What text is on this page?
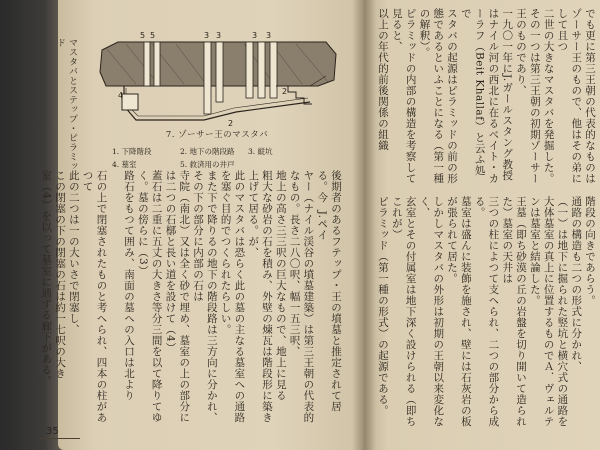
5 5	3 3	3 3
2
4
2
7. ゾーサー王のマスタバ
1. 下降階段	2. 地下の階段路	3. 縦坑
4. 墓室	5. 救済用の井戸
マスタバとステップ・ピラミッド
後期者のあるフテップ・王の墳墓と推定されて居る。今  J.ペイ
ヤー（ナイル渓谷の墳墓建築）は第三王朝の代表的なもの。長さ二八〇呎、幅一五三呎、
地上の高さ三三呎の巨大なもので、地上に見る
粗大な砂岩の石を積み、外壁の煉瓦は階段形に築き上げて居る。が、
此のマスタバは恐らく此の墓の主なる墓室への通路を塞ぐ目的でつくられたらしい。
また下で降りるの地下の階段路は三方向に分かれ、その下の部分に内部の石は
寺院（南北）又は全く砂で埋め、墓室の上の部分には二つの石槨と長い道を設けて（4）
蓋石は二重に五丈の大きさ等分三間を以て降りてゆく。墓の傍らに（3）
路石をもつて囲み、南面の墓への入口は北より

石の上で閉塞されたものと考へられ、四本の柱があつて
此の二つは一の大いさで閉塞し、
この閉塞の下の閉塞の石は約一七呎の大き
室（4）を以って墓室に通ずる廊下がある。
でも更に第三王朝の代表的なものはゾーサー王のもので、他はその弟にして且つ
二世の大きなマスタバを発掘した。その一つは第三王朝の初期ゾーサー王のものであり、
一九〇一年にJ.ガールスタング教授はナイル河の西北に在るベイト・カーラフ（Beit Khallaf）と云ふ処で
スタバの起源はピラミッドの前の形態であるといふことになる（第一種の解釈）。
ピラミッドの内部の構造を考察して見ると、
以上の年代的前後関係の組織
階段の向きであらう。
通路の構造も二つの形式に分かれ、
（一）は地下に掘られた竪坑と横穴式の通路を
大体墓室の真上に位置するものでＡ．ヴェルテンは墓室と結論した。
王墓（即ち砂漠の丘の岩盤を切り開いて造られた）墓室の天井は
三つの柱によつて支へられ、二つの部分から成る。
墓室は盛んに装飾を施され、壁には石灰岩の板が張られて居た。
しかしマスタバの外形は初期の王朝以来変化なく、
玄室とその付属室は地下深く設けられる（即ちこれが）
ピラミッド（第一種の形式）の起源である。
35
